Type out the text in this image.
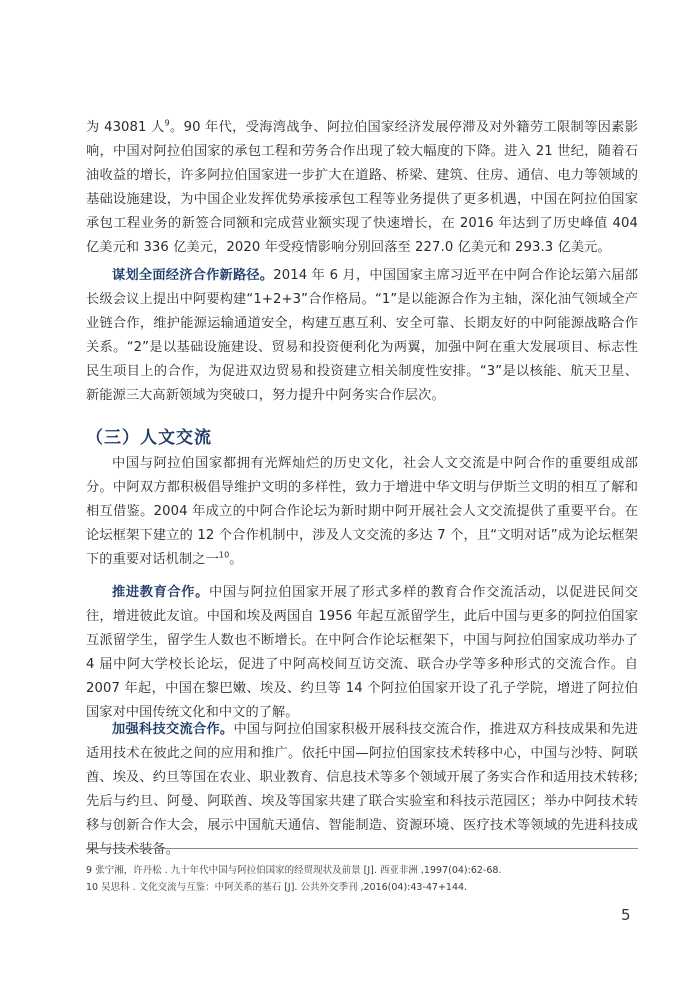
为 43081 人$^9$。90 年代，受海湾战争、阿拉伯国家经济发展停滞及对外籍劳工限制等因素影响，中国对阿拉伯国家的承包工程和劳务合作出现了较大幅度的下降。进入 21 世纪，随着石油收益的增长，许多阿拉伯国家进一步扩大在道路、桥梁、建筑、住房、通信、电力等领域的基础设施建设，为中国企业发挥优势承接承包工程等业务提供了更多机遇，中国在阿拉伯国家承包工程业务的新签合同额和完成营业额实现了快速增长，在 2016 年达到了历史峰值 404 亿美元和 336 亿美元，2020 年受疫情影响分别回落至 227.0 亿美元和 293.3 亿美元。

谋划全面经济合作新路径。2014 年 6 月，中国国家主席习近平在中阿合作论坛第六届部长级会议上提出中阿要构建“1+2+3”合作格局。“1”是以能源合作为主轴，深化油气领域全产业链合作，维护能源运输通道安全，构建互惠互利、安全可靠、长期友好的中阿能源战略合作关系。“2”是以基础设施建设、贸易和投资便利化为两翼，加强中阿在重大发展项目、标志性民生项目上的合作，为促进双边贸易和投资建立相关制度性安排。“3”是以核能、航天卫星、新能源三大高新领域为突破口，努力提升中阿务实合作层次。

（三）人文交流

中国与阿拉伯国家都拥有光辉灿烂的历史文化，社会人文交流是中阿合作的重要组成部分。中阿双方都积极倡导维护文明的多样性，致力于增进中华文明与伊斯兰文明的相互了解和相互借鉴。2004 年成立的中阿合作论坛为新时期中阿开展社会人文交流提供了重要平台。在论坛框架下建立的 12 个合作机制中，涉及人文交流的多达 7 个，且“文明对话”成为论坛框架下的重要对话机制之一$^{10}$。

推进教育合作。中国与阿拉伯国家开展了形式多样的教育合作交流活动，以促进民间交往，增进彼此友谊。中国和埃及两国自 1956 年起互派留学生，此后中国与更多的阿拉伯国家互派留学生，留学生人数也不断增长。在中阿合作论坛框架下，中国与阿拉伯国家成功举办了 4 届中阿大学校长论坛，促进了中阿高校间互访交流、联合办学等多种形式的交流合作。自 2007 年起，中国在黎巴嫩、埃及、约旦等 14 个阿拉伯国家开设了孔子学院，增进了阿拉伯国家对中国传统文化和中文的了解。

加强科技交流合作。中国与阿拉伯国家积极开展科技交流合作，推进双方科技成果和先进适用技术在彼此之间的应用和推广。依托中国—阿拉伯国家技术转移中心，中国与沙特、阿联酋、埃及、约旦等国在农业、职业教育、信息技术等多个领域开展了务实合作和适用技术转移;先后与约旦、阿曼、阿联酋、埃及等国家共建了联合实验室和科技示范园区；举办中阿技术转移与创新合作大会，展示中国航天通信、智能制造、资源环境、医疗技术等领域的先进科技成果与技术装备。

9 张宁湘，许丹松 . 九十年代中国与阿拉伯国家的经贸现状及前景 [J]. 西亚非洲 ,1997(04):62-68.

10 吴思科 . 文化交流与互鉴：中阿关系的基石 [J]. 公共外交季刊 ,2016(04):43-47+144.

5
